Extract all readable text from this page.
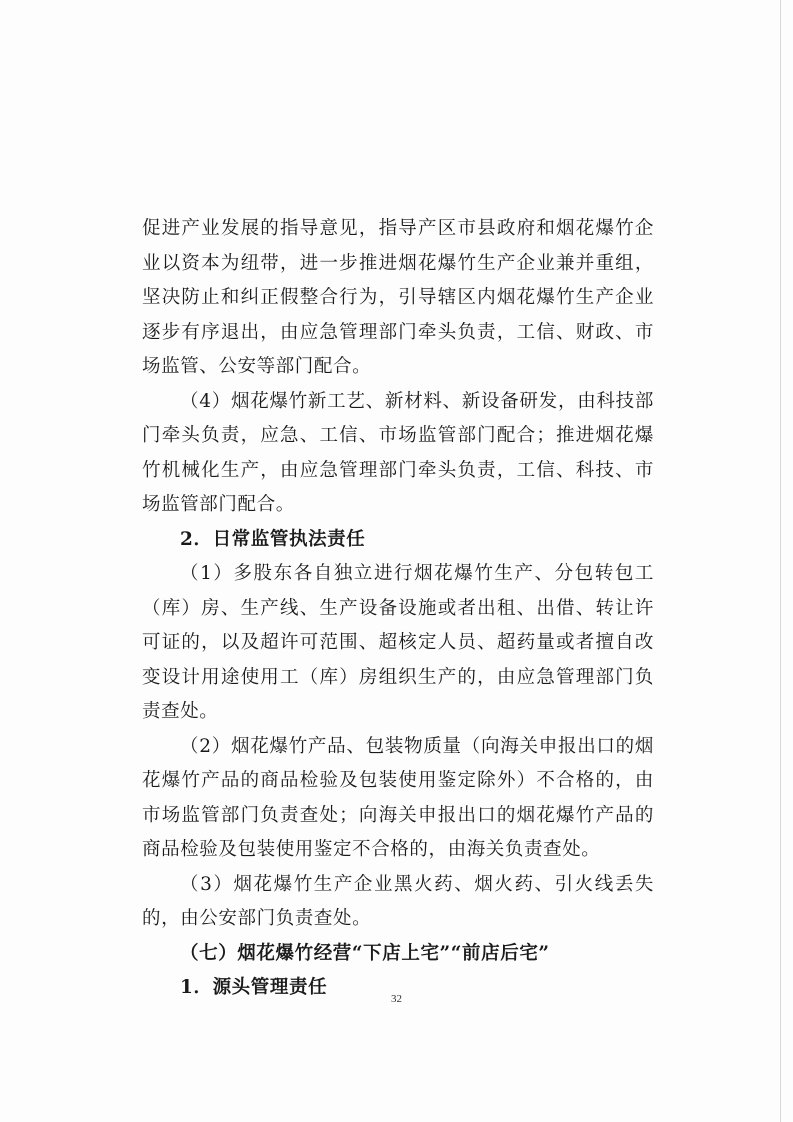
促进产业发展的指导意见，指导产区市县政府和烟花爆竹企业以资本为纽带，进一步推进烟花爆竹生产企业兼并重组，坚决防止和纠正假整合行为，引导辖区内烟花爆竹生产企业逐步有序退出，由应急管理部门牵头负责，工信、财政、市场监管、公安等部门配合。

（4）烟花爆竹新工艺、新材料、新设备研发，由科技部门牵头负责，应急、工信、市场监管部门配合；推进烟花爆竹机械化生产，由应急管理部门牵头负责，工信、科技、市场监管部门配合。

2．日常监管执法责任

（1）多股东各自独立进行烟花爆竹生产、分包转包工（库）房、生产线、生产设备设施或者出租、出借、转让许可证的，以及超许可范围、超核定人员、超药量或者擅自改变设计用途使用工（库）房组织生产的，由应急管理部门负责查处。

（2）烟花爆竹产品、包装物质量（向海关申报出口的烟花爆竹产品的商品检验及包装使用鉴定除外）不合格的，由市场监管部门负责查处；向海关申报出口的烟花爆竹产品的商品检验及包装使用鉴定不合格的，由海关负责查处。

（3）烟花爆竹生产企业黑火药、烟火药、引火线丢失的，由公安部门负责查处。

（七）烟花爆竹经营“下店上宅”“前店后宅”

1．源头管理责任

32
